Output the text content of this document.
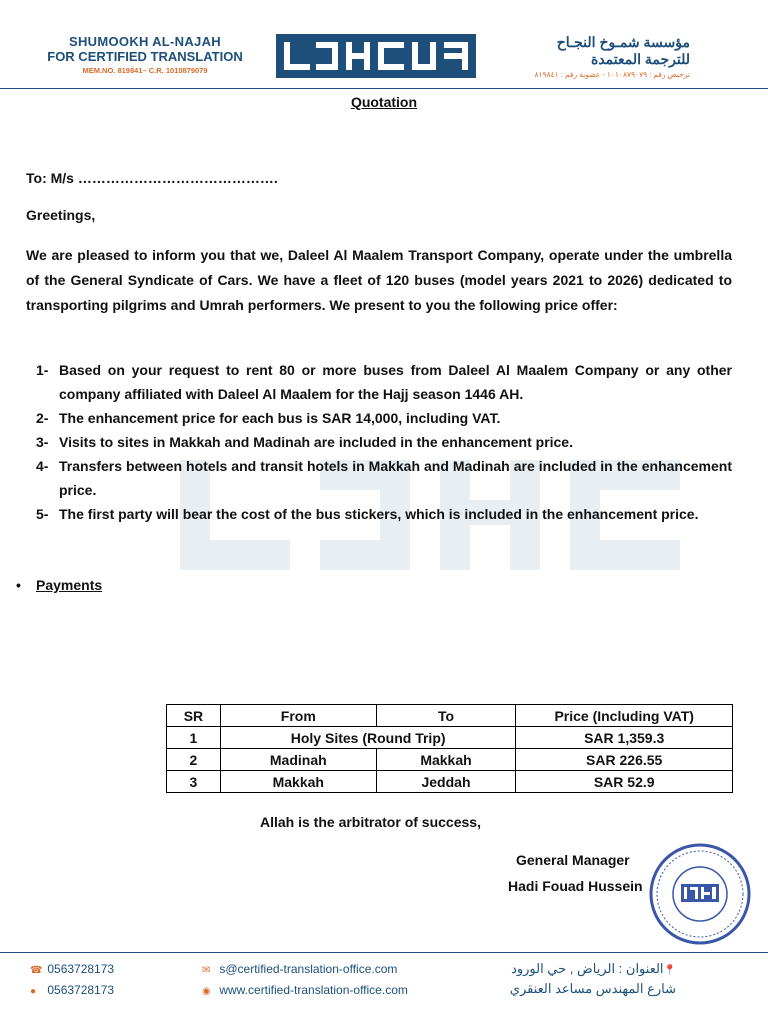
SHUMOOKH AL-NAJAH
FOR CERTIFIED TRANSLATION
MEM.NO. 819841– C.R. 1010879079
مؤسسة شمـوخ النجـاح
للترجمة المعتمدة
ترخيص رقم : ١٠١٠٨٧٩٠٧٩ - عضوية رقم : ٨١٩٨٤١
Quotation
To: M/s …………………………………….
Greetings,
We are pleased to inform you that we, Daleel Al Maalem Transport Company, operate under the umbrella of the General Syndicate of Cars. We have a fleet of 120 buses (model years 2021 to 2026) dedicated to transporting pilgrims and Umrah performers. We present to you the following price offer:
1- Based on your request to rent 80 or more buses from Daleel Al Maalem Company or any other company affiliated with Daleel Al Maalem for the Hajj season 1446 AH.
2- The enhancement price for each bus is SAR 14,000, including VAT.
3- Visits to sites in Makkah and Madinah are included in the enhancement price.
4- Transfers between hotels and transit hotels in Makkah and Madinah are included in the enhancement price.
5- The first party will bear the cost of the bus stickers, which is included in the enhancement price.
• Payments
SR	From	To	Price (Including VAT)
1	Holy Sites (Round Trip)		SAR 1,359.3
2	Madinah	Makkah	SAR 226.55
3	Makkah	Jeddah	SAR 52.9
Allah is the arbitrator of success,
General Manager
Hadi Fouad Hussein
☎ 0563728173
● 0563728173
✉ s@certified-translation-office.com
◉ www.certified-translation-office.com
📍العنوان : الرياض , حي الورود
شارع المهندس مساعد العنقري
